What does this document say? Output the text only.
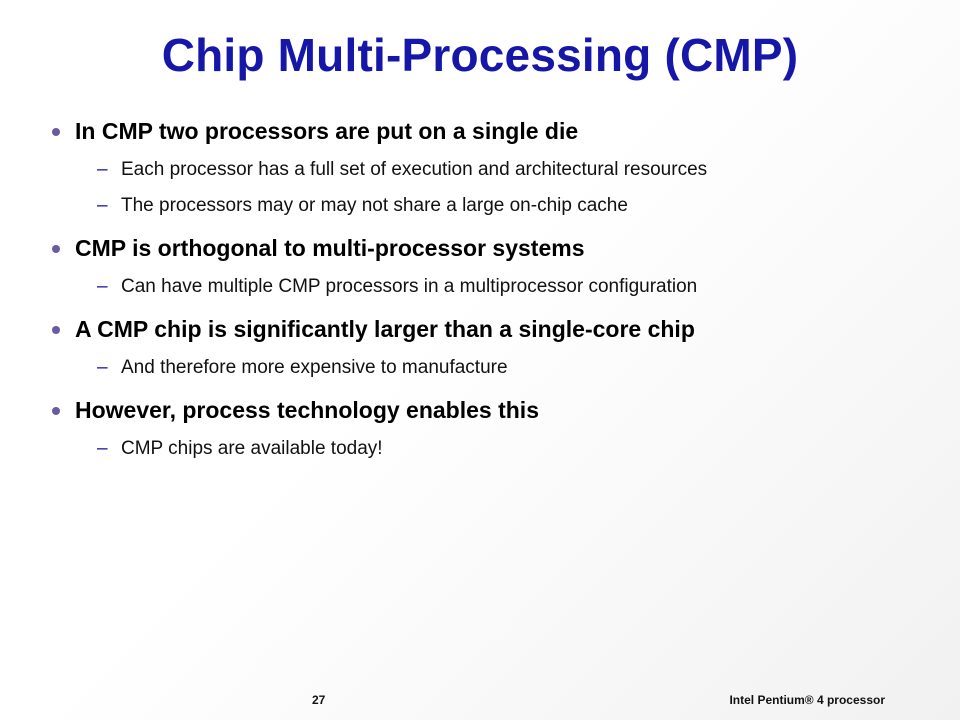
Chip Multi-Processing (CMP)
In CMP two processors are put on a single die
– Each processor has a full set of execution and architectural resources
– The processors may or may not share a large on-chip cache
CMP is orthogonal to multi-processor systems
– Can have multiple CMP processors in a multiprocessor configuration
A CMP chip is significantly larger than a single-core chip
– And therefore more expensive to manufacture
However, process technology enables this
– CMP chips are available today!
27	Intel Pentium® 4 processor
